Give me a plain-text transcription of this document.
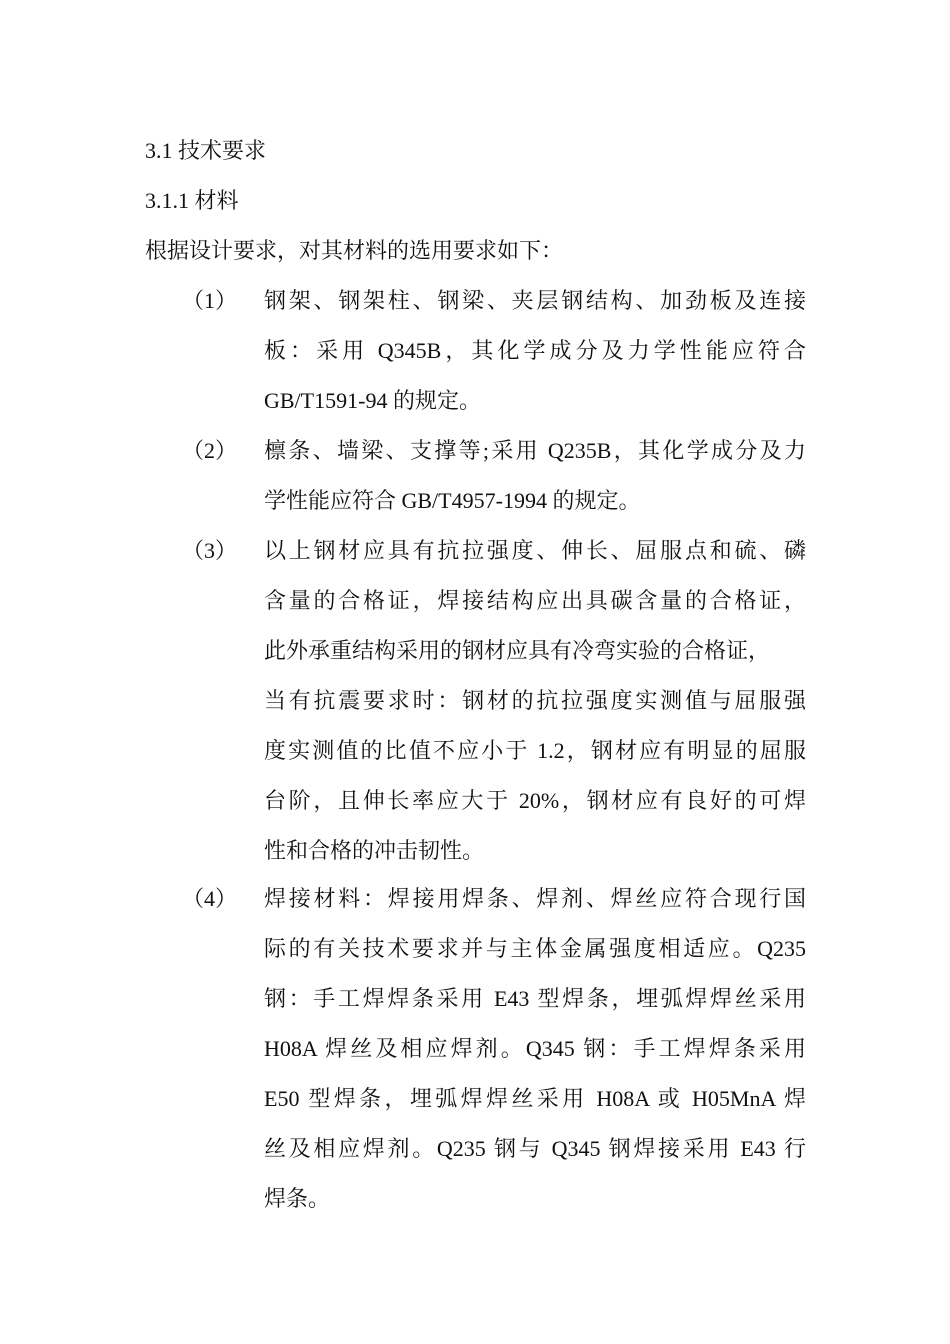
3.1 技术要求
3.1.1 材料
根据设计要求，对其材料的选用要求如下：
（1） 钢架、钢架柱、钢梁、夹层钢结构、加劲板及连接
板：采用 Q345B，其化学成分及力学性能应符合
GB/T1591-94 的规定。
（2） 檩条、墙梁、支撑等;采用 Q235B，其化学成分及力
学性能应符合 GB/T4957-1994 的规定。
（3） 以上钢材应具有抗拉强度、伸长、屈服点和硫、磷
含量的合格证，焊接结构应出具碳含量的合格证，
此外承重结构采用的钢材应具有冷弯实验的合格证，
当有抗震要求时：钢材的抗拉强度实测值与屈服强
度实测值的比值不应小于 1.2，钢材应有明显的屈服
台阶，且伸长率应大于 20%，钢材应有良好的可焊
性和合格的冲击韧性。
（4） 焊接材料：焊接用焊条、焊剂、焊丝应符合现行国
际的有关技术要求并与主体金属强度相适应。Q235
钢：手工焊焊条采用 E43 型焊条，埋弧焊焊丝采用
H08A 焊丝及相应焊剂。Q345 钢：手工焊焊条采用
E50 型焊条，埋弧焊焊丝采用 H08A 或 H05MnA 焊
丝及相应焊剂。Q235 钢与 Q345 钢焊接采用 E43 行
焊条。
